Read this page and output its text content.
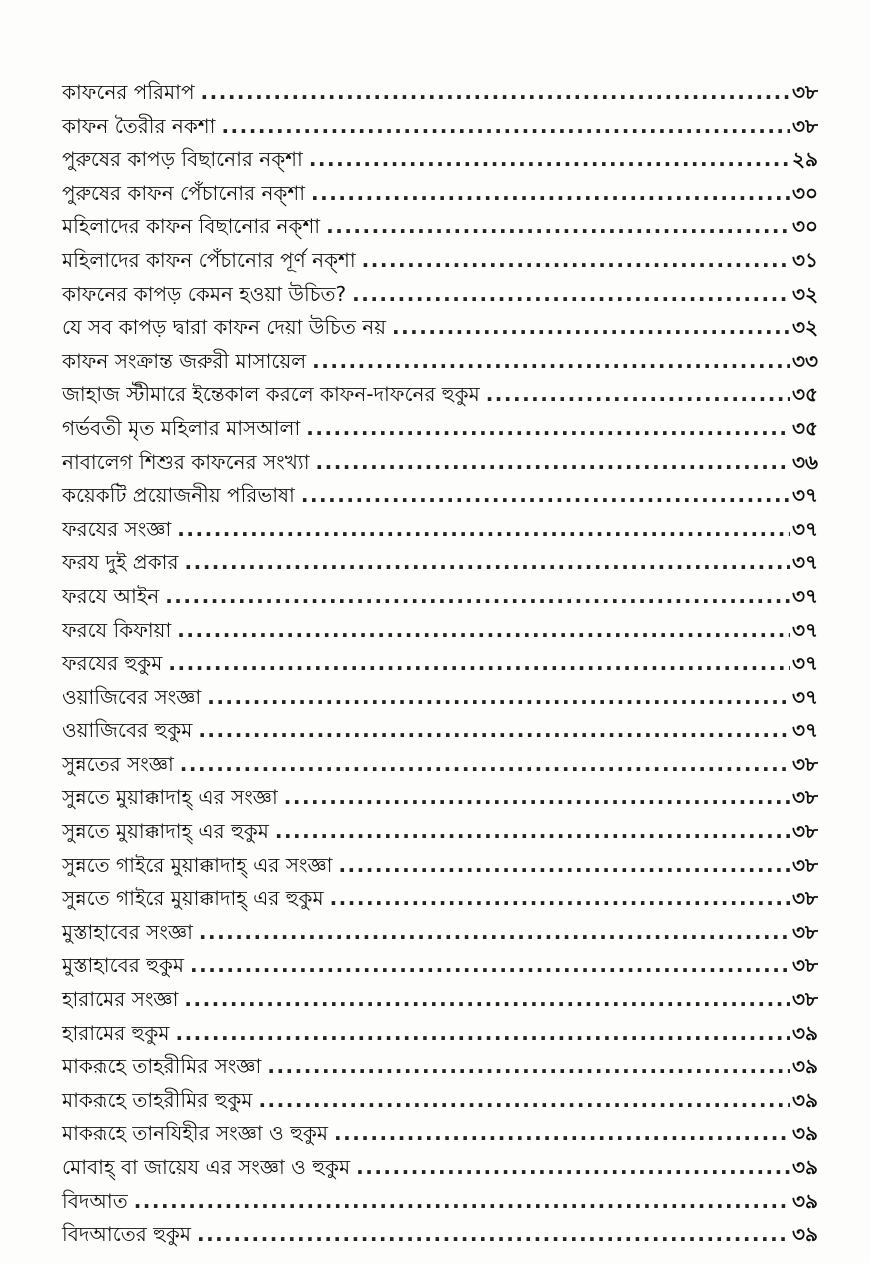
কাফনের পরিমাপ .....	৩৮
কাফন তৈরীর নকশা .....	৩৮
পুরুষের কাপড় বিছানোর নক্শা .....	২৯
পুরুষের কাফন পেঁচানোর নক্শা .....	৩০
মহিলাদের কাফন বিছানোর নক্শা .....	৩০
মহিলাদের কাফন পেঁচানোর পূর্ণ নক্শা .....	৩১
কাফনের কাপড় কেমন হওয়া উচিত? .....	৩২
যে সব কাপড় দ্বারা কাফন দেয়া উচিত নয় .....	৩২
কাফন সংক্রান্ত জরুরী মাসায়েল .....	৩৩
জাহাজ স্টীমারে ইন্তেকাল করলে কাফন-দাফনের হুকুম .....	৩৫
গর্ভবতী মৃত মহিলার মাসআলা .....	৩৫
নাবালেগ শিশুর কাফনের সংখ্যা .....	৩৬
কয়েকটি প্রয়োজনীয় পরিভাষা .....	৩৭
ফরযের সংজ্ঞা .....	৩৭
ফরয দুই প্রকার .....	৩৭
ফরযে আইন .....	৩৭
ফরযে কিফায়া .....	৩৭
ফরযের হুকুম .....	৩৭
ওয়াজিবের সংজ্ঞা .....	৩৭
ওয়াজিবের হুকুম .....	৩৭
সুন্নতের সংজ্ঞা .....	৩৮
সুন্নতে মুয়াক্কাদাহ্ এর সংজ্ঞা .....	৩৮
সুন্নতে মুয়াক্কাদাহ্ এর হুকুম .....	৩৮
সুন্নতে গাইরে মুয়াক্কাদাহ্ এর সংজ্ঞা .....	৩৮
সুন্নতে গাইরে মুয়াক্কাদাহ্ এর হুকুম .....	৩৮
মুস্তাহাবের সংজ্ঞা .....	৩৮
মুস্তাহাবের হুকুম .....	৩৮
হারামের সংজ্ঞা .....	৩৮
হারামের হুকুম .....	৩৯
মাকরূহে তাহরীমির সংজ্ঞা .....	৩৯
মাকরূহে তাহরীমির হুকুম .....	৩৯
মাকরূহে তানযিহীর সংজ্ঞা ও হুকুম .....	৩৯
মোবাহ্ বা জায়েয এর সংজ্ঞা ও হুকুম .....	৩৯
বিদআত .....	৩৯
বিদআতের হুকুম .....	৩৯
